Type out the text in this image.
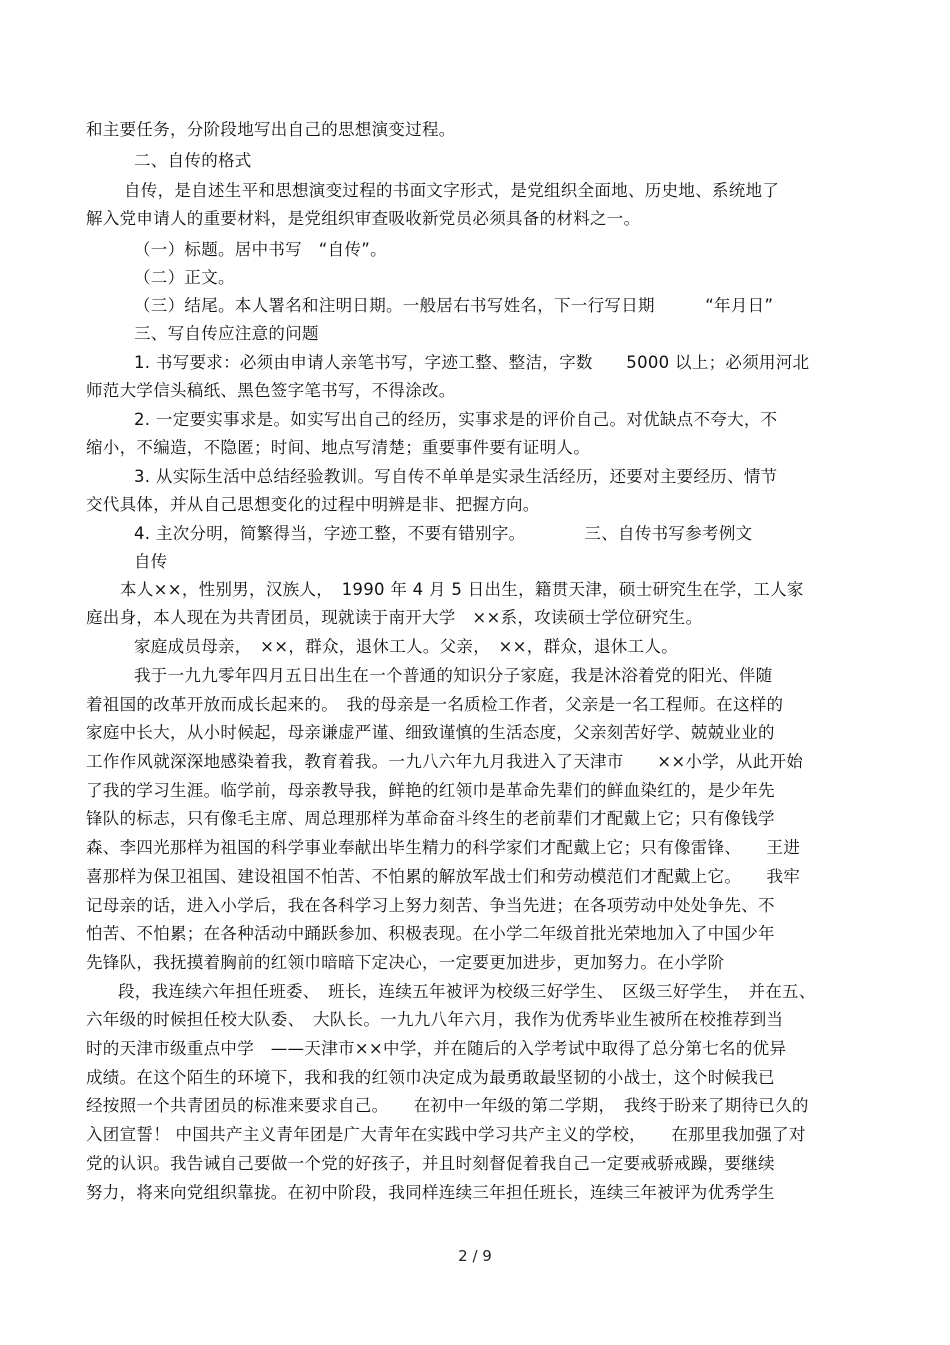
和主要任务，分阶段地写出自己的思想演变过程。
二、自传的格式
自传，是自述生平和思想演变过程的书面文字形式，是党组织全面地、历史地、系统地了
解入党申请人的重要材料，是党组织审查吸收新党员必须具备的材料之一。
（一）标题。居中书写　“自传”。
（二）正文。
（三）结尾。本人署名和注明日期。一般居右书写姓名，下一行写日期　　　“年月日”
三、写自传应注意的问题
1. 书写要求：必须由申请人亲笔书写，字迹工整、整洁，字数　　5000 以上；必须用河北
师范大学信头稿纸、黑色签字笔书写，不得涂改。
2. 一定要实事求是。如实写出自己的经历，实事求是的评价自己。对优缺点不夸大，不
缩小，不编造，不隐匿；时间、地点写清楚；重要事件要有证明人。
3. 从实际生活中总结经验教训。写自传不单单是实录生活经历，还要对主要经历、情节
交代具体，并从自己思想变化的过程中明辨是非、把握方向。
4. 主次分明，简繁得当，字迹工整，不要有错别字。　　　　三、自传书写参考例文
自传
本人××，性别男，汉族人，　1990 年 4 月 5 日出生，籍贯天津，硕士研究生在学，工人家
庭出身，本人现在为共青团员，现就读于南开大学　××系，攻读硕士学位研究生。
家庭成员母亲，　××，群众，退休工人。父亲，　××，群众，退休工人。
我于一九九零年四月五日出生在一个普通的知识分子家庭，我是沐浴着党的阳光、伴随
着祖国的改革开放而成长起来的。　我的母亲是一名质检工作者，父亲是一名工程师。在这样的
家庭中长大，从小时候起，母亲谦虚严谨、细致谨慎的生活态度，父亲刻苦好学、兢兢业业的
工作作风就深深地感染着我，教育着我。一九八六年九月我进入了天津市　　××小学，从此开始
了我的学习生涯。临学前，母亲教导我，鲜艳的红领巾是革命先辈们的鲜血染红的，是少年先
锋队的标志，只有像毛主席、周总理那样为革命奋斗终生的老前辈们才配戴上它；只有像钱学
森、李四光那样为祖国的科学事业奉献出毕生精力的科学家们才配戴上它；只有像雷锋、　　王进
喜那样为保卫祖国、建设祖国不怕苦、不怕累的解放军战士们和劳动模范们才配戴上它。　　我牢
记母亲的话，进入小学后，我在各科学习上努力刻苦、争当先进；在各项劳动中处处争先、不
怕苦、不怕累；在各种活动中踊跃参加、积极表现。在小学二年级首批光荣地加入了中国少年
先锋队，我抚摸着胸前的红领巾暗暗下定决心，一定要更加进步，更加努力。在小学阶
段，我连续六年担任班委、　班长，连续五年被评为校级三好学生、　区级三好学生，　并在五、
六年级的时候担任校大队委、　大队长。一九九八年六月，我作为优秀毕业生被所在校推荐到当
时的天津市级重点中学　——天津市××中学，并在随后的入学考试中取得了总分第七名的优异
成绩。在这个陌生的环境下，我和我的红领巾决定成为最勇敢最坚韧的小战士，这个时候我已
经按照一个共青团员的标准来要求自己。　　在初中一年级的第二学期，　我终于盼来了期待已久的
入团宣誓！ 中国共产主义青年团是广大青年在实践中学习共产主义的学校，　　在那里我加强了对
党的认识。我告诫自己要做一个党的好孩子，并且时刻督促着我自己一定要戒骄戒躁，要继续
努力，将来向党组织靠拢。在初中阶段，我同样连续三年担任班长，连续三年被评为优秀学生
2 / 9
